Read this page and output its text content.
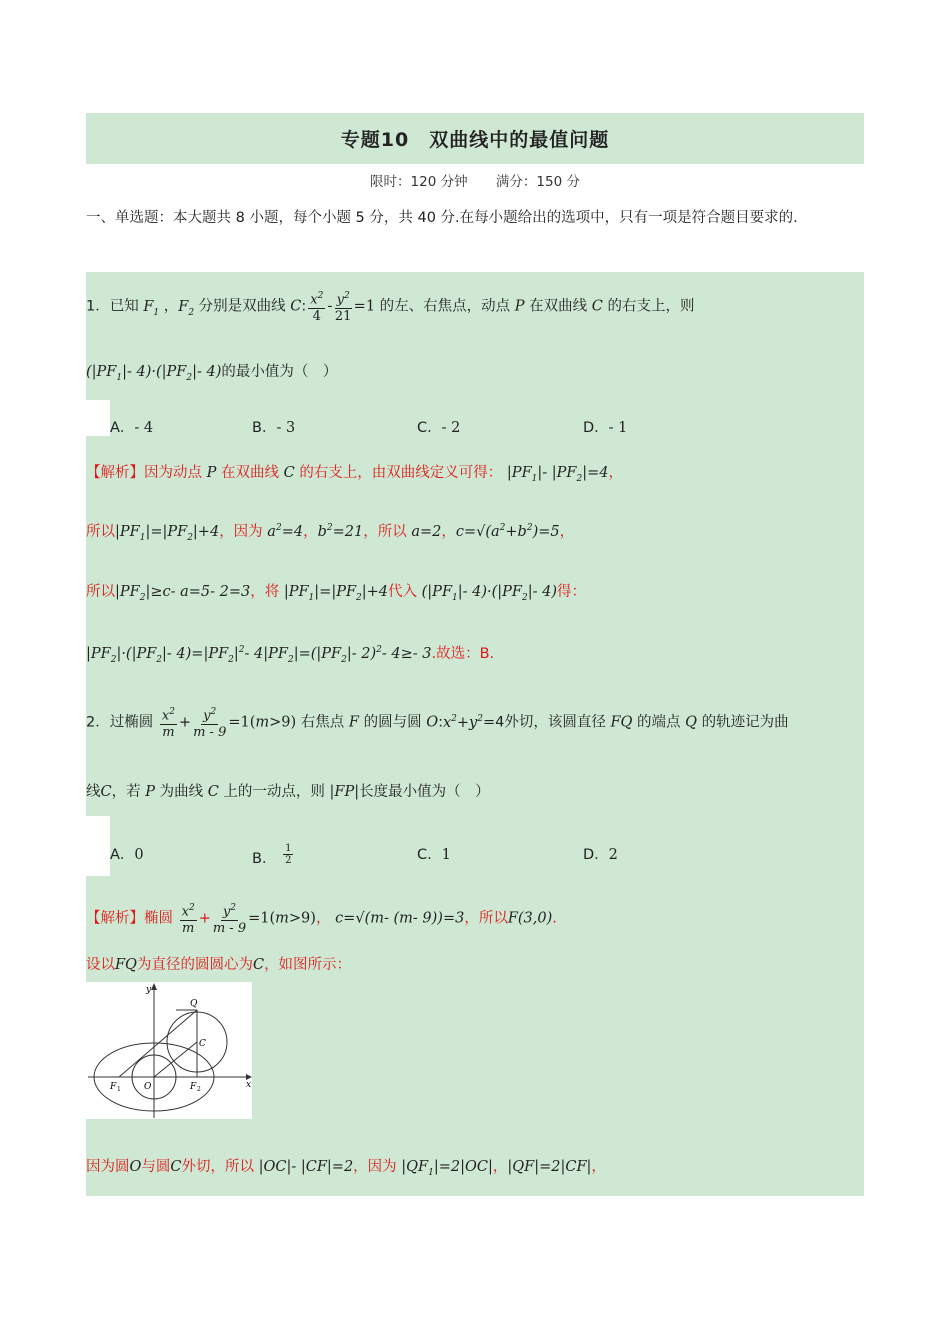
专题10　双曲线中的最值问题
限时：120 分钟 满分：150 分
一、单选题：本大题共 8 小题，每个小题 5 分，共 40 分.在每小题给出的选项中，只有一项是符合题目要求的.
1．已知 $F_1$ ，$F_2$ 分别是双曲线 C: $\frac{x^2}{4} - \frac{y^2}{21} =1$ 的左、右焦点，动点 P 在双曲线 C 的右支上，则
($|PF_1|-$ $4)\cdot(|PF_2|-$ 4)的最小值为（　）
A．- 4	B．- 3	C．- 2	D．- 1
【解析】因为动点 P 在双曲线 C 的右支上，由双曲线定义可得： $|PF_1|-$ $|PF_2|=4$，
所以$|PF_1|=|PF_2|+4$，因为 $a^2=4$，$b^2=21$，所以 a=2，$c=√(a^2+b^2)=5$，
所以$|PF_2|\ge c-$ a=5- 2=3，将 $|PF_1|=|PF_2|+4$代入 ($|PF_1|-$ $4)\cdot(|PF_2|-$ 4)得：
$|PF_2|\cdot(|PF_2|-$ $4)=|PF_2|^2-$ $4|PF_2|=(|PF_2|-$ 2)$^2$- 4≥- 3.故选：B.
2．过椭圆 $\frac{x^2}{m} + \frac{y^2}{m - 9} =1(m>9)$ 右焦点 F 的圆与圆 $O:x^2+y^2=4$外切，该圆直径 FQ 的端点 Q 的轨迹记为曲
线C，若 P 为曲线 C 上的一动点，则 |FP|长度最小值为（　）
A．0	B． $\frac{1}{2}$	C．1	D．2
【解析】椭圆 $\frac{x^2}{m} + \frac{y^2}{m - 9} =1(m>9)$， c=√(m- (m- 9))=3，所以F(3,0).
设以FQ为直径的圆圆心为C，如图所示：
y
x
Q
C
F 1	O	F 2
因为圆O与圆C外切，所以 |OC|- |CF|=2，因为 $|QF_1|=2|OC|$，|QF|=2|CF|，
